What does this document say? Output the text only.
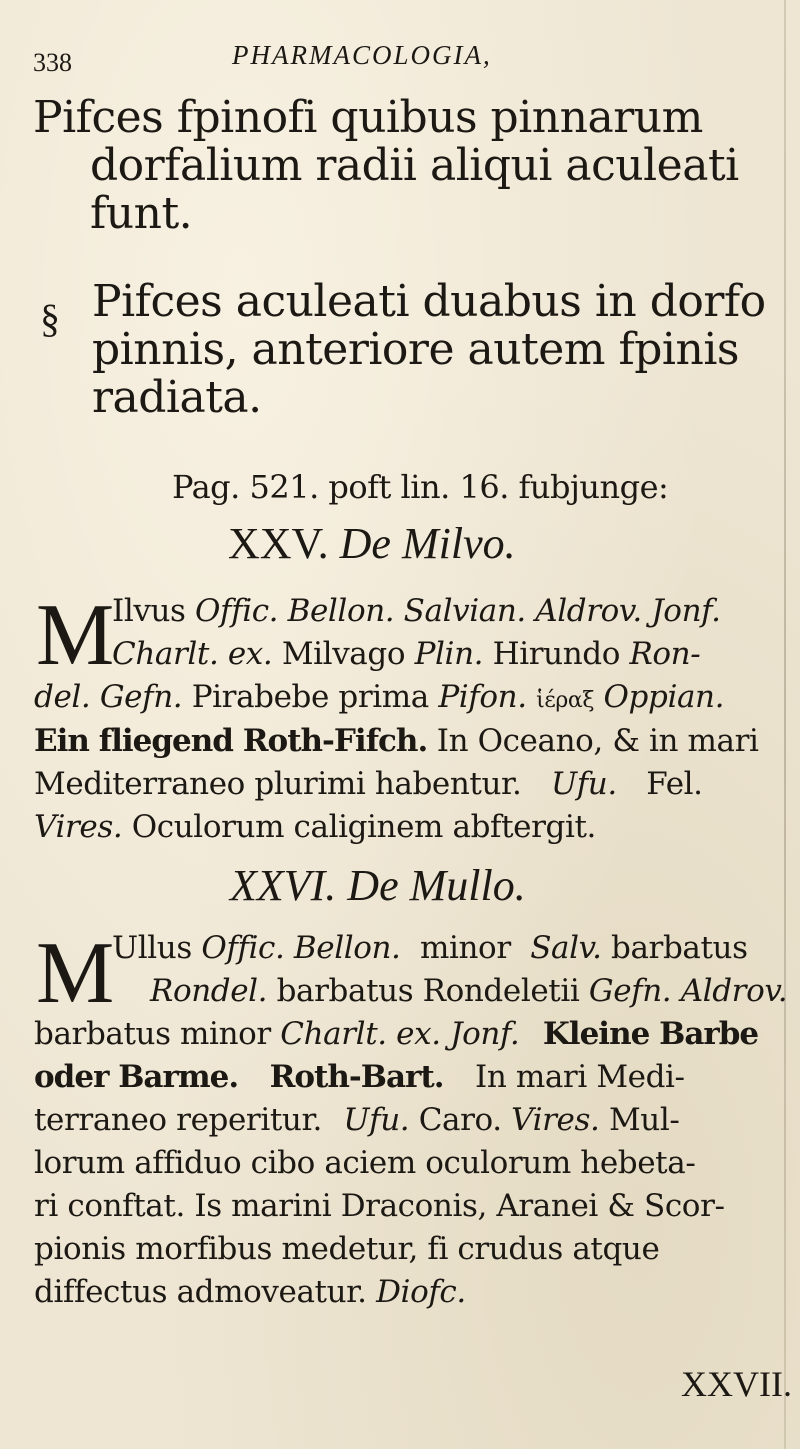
338	PHARMACOLOGIA,
Pifces fpinofi quibus pinnarum
dorfalium radii aliqui aculeati
funt.
§ Pifces aculeati duabus in dorfo
pinnis, anteriore autem fpinis
radiata.
Pag. 521. poft lin. 16. fubjunge:
XXV. De Milvo.
M
Ilvus Offic. Bellon. Salvian. Aldrov. Jonf.
Charlt. ex. Milvago Plin. Hirundo Ron-
del. Gefn. Pirabebe prima Pifon. ἱέραξ Oppian.
Ein fliegend Roth-Fifch. In Oceano, & in mari
Mediterraneo plurimi habentur. Ufu. Fel.
Vires. Oculorum caliginem abftergit.
XXVI. De Mullo.
M
Ullus Offic. Bellon. minor Salv. barbatus
Rondel. barbatus Rondeletii Gefn. Aldrov.
barbatus minor Charlt. ex. Jonf. Kleine Barbe
oder Barme. Roth-Bart. In mari Medi-
terraneo reperitur. Ufu. Caro. Vires. Mul-
lorum affiduo cibo aciem oculorum hebeta-
ri conftat. Is marini Draconis, Aranei & Scor-
pionis morfibus medetur, fi crudus atque
diffectus admoveatur. Diofc.
XXVII.
